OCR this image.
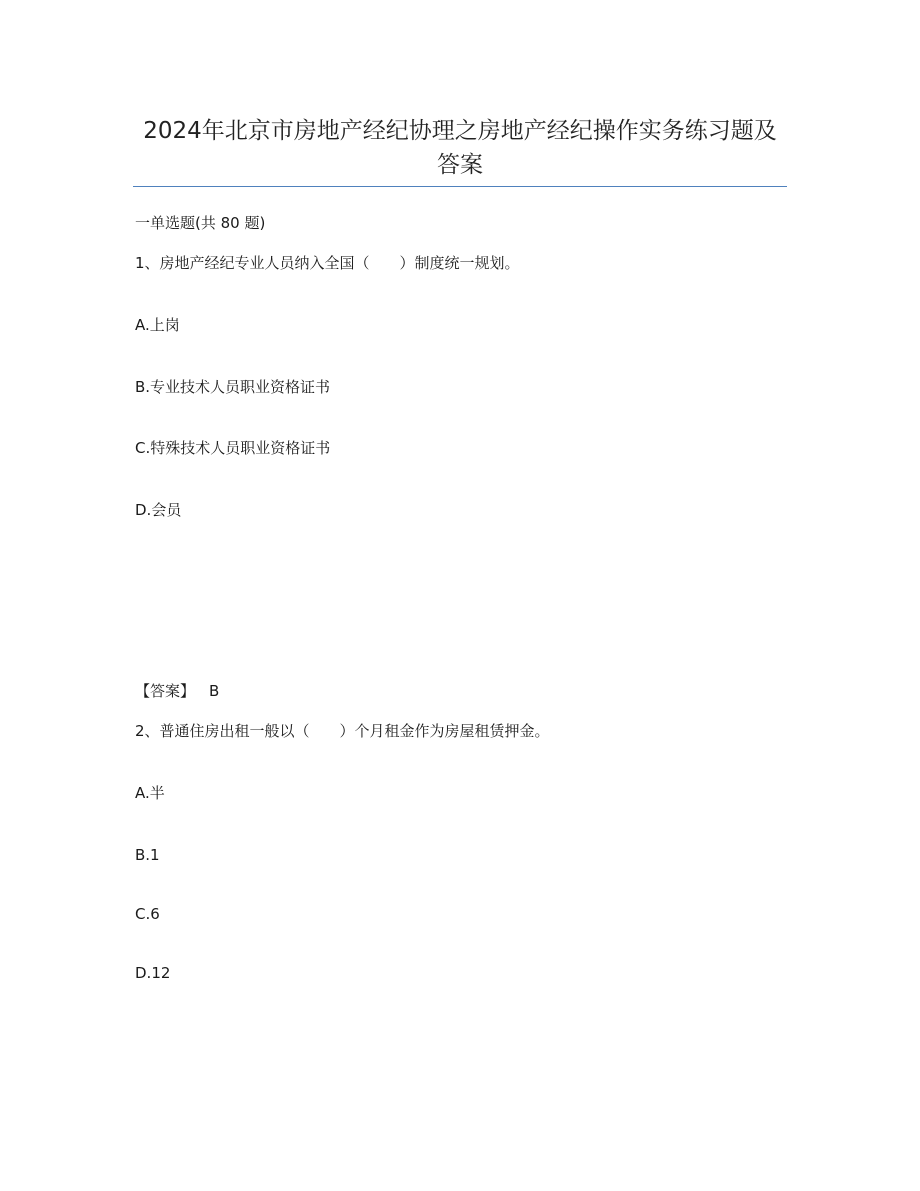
2024年北京市房地产经纪协理之房地产经纪操作实务练习题及答案
一单选题(共 80 题)
1、房地产经纪专业人员纳入全国（　　）制度统一规划。
A.上岗
B.专业技术人员职业资格证书
C.特殊技术人员职业资格证书
D.会员
【答案】 B
2、普通住房出租一般以（　　）个月租金作为房屋租赁押金。
A.半
B.1
C.6
D.12
